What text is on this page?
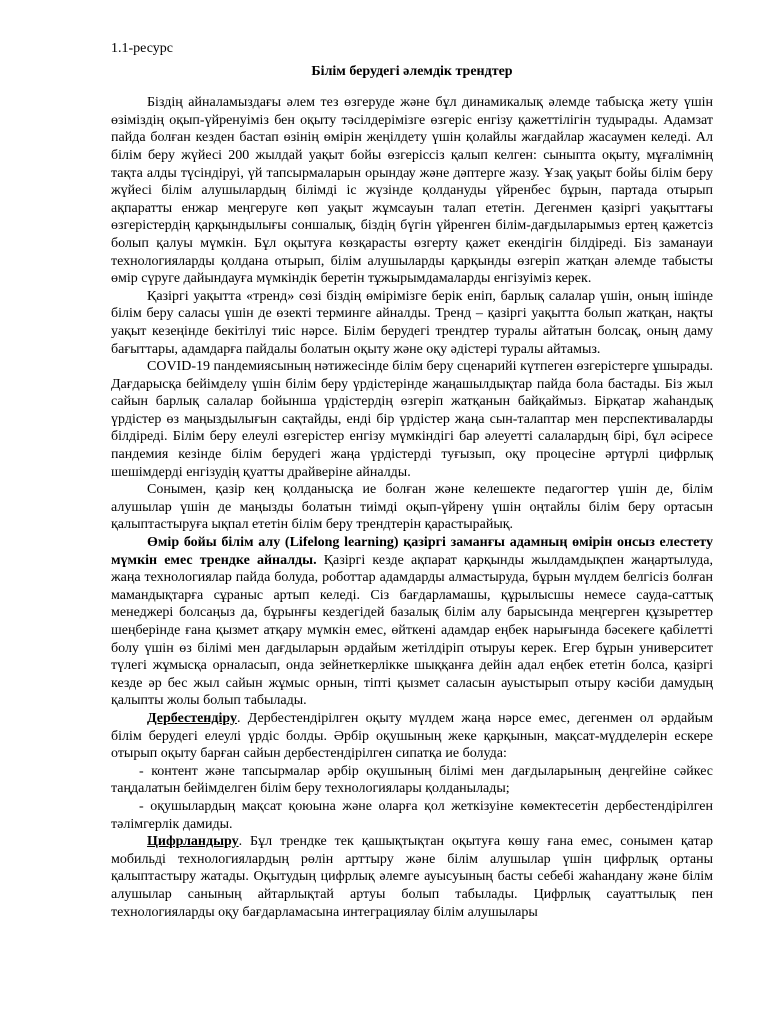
1.1-ресурс
Білім берудегі әлемдік трендтер

Біздің айналамыздағы әлем тез өзгеруде және бұл динамикалық әлемде табысқа жету үшін өзіміздің оқып-үйренуіміз бен оқыту тәсілдерімізге өзгеріс енгізу қажеттілігін тудырады. Адамзат пайда болған кезден бастап өзінің өмірін жеңілдету үшін қолайлы жағдайлар жасаумен келеді. Ал білім беру жүйесі 200 жылдай уақыт бойы өзгеріссіз қалып келген: сыныпта оқыту, мұғалімнің тақта алды түсіндіруі, үй тапсырмаларын орындау және дәптерге жазу. Ұзақ уақыт бойы білім беру жүйесі білім алушылардың білімді іс жүзінде қолдануды үйренбес бұрын, партада отырып ақпаратты енжар меңгеруге көп уақыт жұмсауын талап ететін. Дегенмен қазіргі уақыттағы өзгерістердің қарқындылығы соншалық, біздің бүгін үйренген білім-дағдыларымыз ертең қажетсіз болып қалуы мүмкін. Бұл оқытуға көзқарасты өзгерту қажет екендігін білдіреді. Біз заманауи технологияларды қолдана отырып, білім алушыларды қарқынды өзгеріп жатқан әлемде табысты өмір сүруге дайындауға мүмкіндік беретін тұжырымдамаларды енгізуіміз керек.

Қазіргі уақытта «тренд» сөзі біздің өмірімізге берік еніп, барлық салалар үшін, оның ішінде білім беру саласы үшін де өзекті терминге айналды. Тренд – қазіргі уақытта болып жатқан, нақты уақыт кезеңінде бекітілуі тиіс нәрсе. Білім берудегі трендтер туралы айтатын болсақ, оның даму бағыттары, адамдарға пайдалы болатын оқыту және оқу әдістері туралы айтамыз.

COVID-19 пандемиясының нәтижесінде білім беру сценарийі күтпеген өзгерістерге ұшырады. Дағдарысқа бейімделу үшін білім беру үрдістерінде жаңашылдықтар пайда бола бастады. Біз жыл сайын барлық салалар бойынша үрдістердің өзгеріп жатқанын байқаймыз. Бірқатар жаһандық үрдістер өз маңыздылығын сақтайды, енді бір үрдістер жаңа сын-талаптар мен перспективаларды білдіреді. Білім беру елеулі өзгерістер енгізу мүмкіндігі бар әлеуетті салалардың бірі, бұл әсіресе пандемия кезінде білім берудегі жаңа үрдістерді туғызып, оқу процесіне әртүрлі цифрлық шешімдерді енгізудің қуатты драйверіне айналды.

Сонымен, қазір кең қолданысқа ие болған және келешекте педагогтер үшін де, білім алушылар үшін де маңызды болатын тиімді оқып-үйрену үшін оңтайлы білім беру ортасын қалыптастыруға ықпал ететін білім беру трендтерін қарастырайық.

Өмір бойы білім алу (Lifelong learning) қазіргі заманғы адамның өмірін онсыз елестету мүмкін емес трендке айналды. Қазіргі кезде ақпарат қарқынды жылдамдықпен жаңартылуда, жаңа технологиялар пайда болуда, роботтар адамдарды алмастыруда, бұрын мүлдем белгісіз болған мамандықтарға сұраныс артып келеді. Сіз бағдарламашы, құрылысшы немесе сауда-саттық менеджері болсаңыз да, бұрынғы кездегідей базалық білім алу барысында меңгерген құзыреттер шеңберінде ғана қызмет атқару мүмкін емес, өйткені адамдар еңбек нарығында бәсекеге қабілетті болу үшін өз білімі мен дағдыларын әрдайым жетілдіріп отыруы керек. Егер бұрын университет түлегі жұмысқа орналасып, онда зейнеткерлікке шыққанға дейін адал еңбек ететін болса, қазіргі кезде әр бес жыл сайын жұмыс орнын, тіпті қызмет саласын ауыстырып отыру кәсіби дамудың қалыпты жолы болып табылады.

Дербестендіру. Дербестендірілген оқыту мүлдем жаңа нәрсе емес, дегенмен ол әрдайым білім берудегі елеулі үрдіс болды. Әрбір оқушының жеке қарқынын, мақсат-мүдделерін ескере отырып оқыту барған сайын дербестендірілген сипатқа ие болуда:

- контент және тапсырмалар әрбір оқушының білімі мен дағдыларының деңгейіне сәйкес таңдалатын бейімделген білім беру технологиялары қолданылады;

- оқушылардың мақсат қоюына және оларға қол жеткізуіне көмектесетін дербестендірілген тәлімгерлік дамиды.

Цифрландыру. Бұл трендке тек қашықтықтан оқытуға көшу ғана емес, сонымен қатар мобильді технологиялардың рөлін арттыру және білім алушылар үшін цифрлық ортаны қалыптастыру жатады. Оқытудың цифрлық әлемге ауысуының басты себебі жаһандану және білім алушылар санының айтарлықтай артуы болып табылады. Цифрлық сауаттылық пен технологияларды оқу бағдарламасына интеграциялау білім алушылары
